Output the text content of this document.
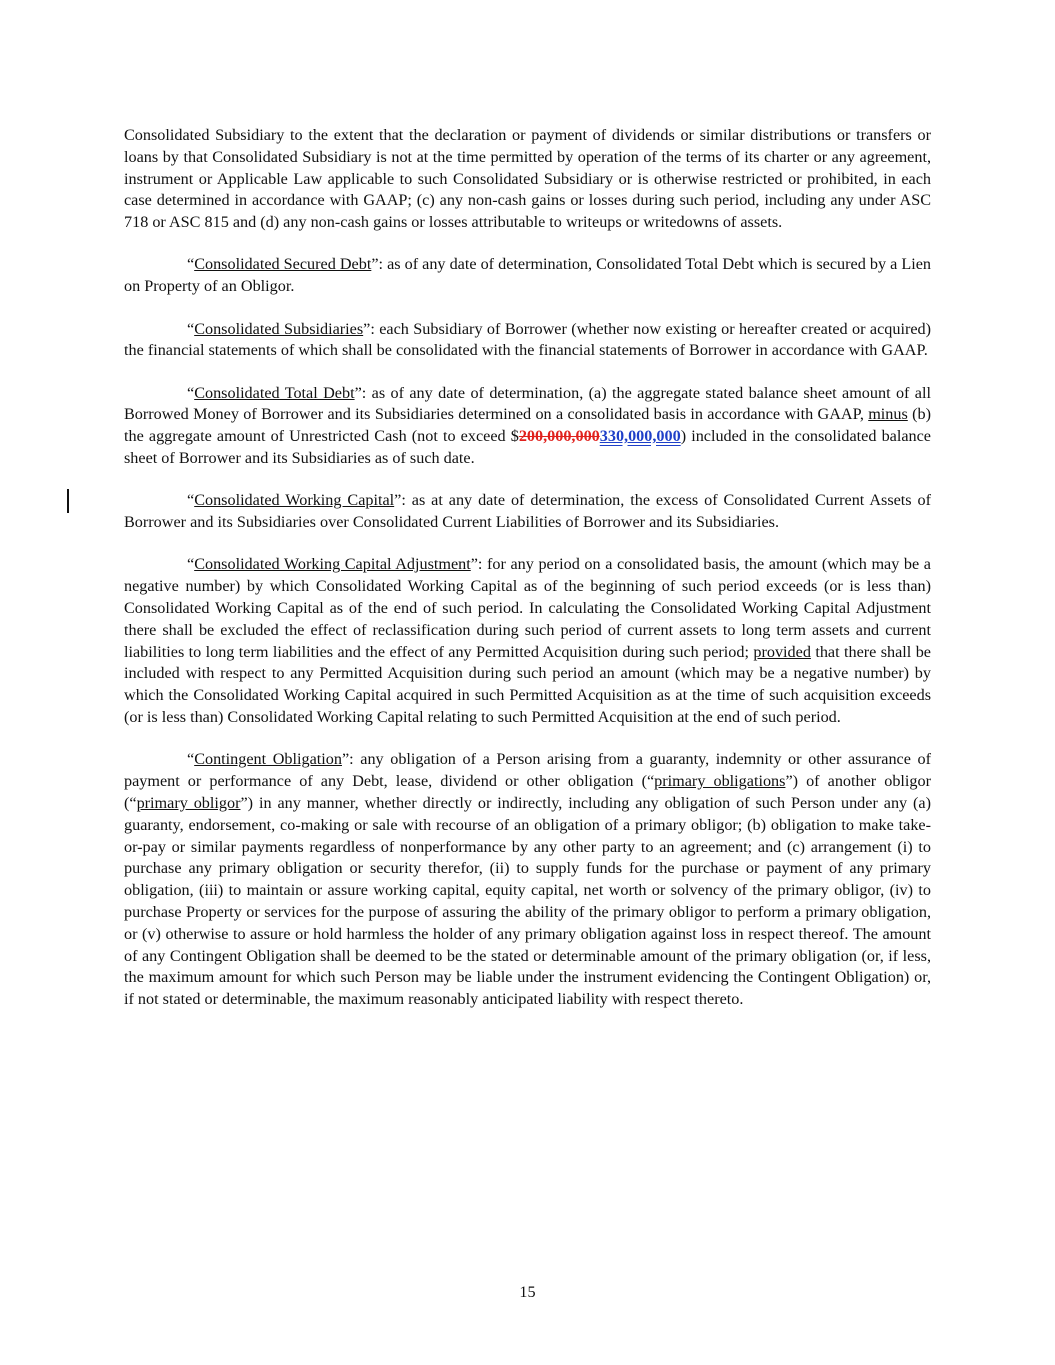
Consolidated Subsidiary to the extent that the declaration or payment of dividends or similar distributions or transfers or loans by that Consolidated Subsidiary is not at the time permitted by operation of the terms of its charter or any agreement, instrument or Applicable Law applicable to such Consolidated Subsidiary or is otherwise restricted or prohibited, in each case determined in accordance with GAAP; (c) any non-cash gains or losses during such period, including any under ASC 718 or ASC 815 and (d) any non-cash gains or losses attributable to writeups or writedowns of assets.

“Consolidated Secured Debt”: as of any date of determination, Consolidated Total Debt which is secured by a Lien on Property of an Obligor.

“Consolidated Subsidiaries”: each Subsidiary of Borrower (whether now existing or hereafter created or acquired) the financial statements of which shall be consolidated with the financial statements of Borrower in accordance with GAAP.

“Consolidated Total Debt”: as of any date of determination, (a) the aggregate stated balance sheet amount of all Borrowed Money of Borrower and its Subsidiaries determined on a consolidated basis in accordance with GAAP, minus (b) the aggregate amount of Unrestricted Cash (not to exceed $200,000,000330,000,000) included in the consolidated balance sheet of Borrower and its Subsidiaries as of such date.

“Consolidated Working Capital”: as at any date of determination, the excess of Consolidated Current Assets of Borrower and its Subsidiaries over Consolidated Current Liabilities of Borrower and its Subsidiaries.

“Consolidated Working Capital Adjustment”: for any period on a consolidated basis, the amount (which may be a negative number) by which Consolidated Working Capital as of the beginning of such period exceeds (or is less than) Consolidated Working Capital as of the end of such period. In calculating the Consolidated Working Capital Adjustment there shall be excluded the effect of reclassification during such period of current assets to long term assets and current liabilities to long term liabilities and the effect of any Permitted Acquisition during such period; provided that there shall be included with respect to any Permitted Acquisition during such period an amount (which may be a negative number) by which the Consolidated Working Capital acquired in such Permitted Acquisition as at the time of such acquisition exceeds (or is less than) Consolidated Working Capital relating to such Permitted Acquisition at the end of such period.

“Contingent Obligation”: any obligation of a Person arising from a guaranty, indemnity or other assurance of payment or performance of any Debt, lease, dividend or other obligation (“primary obligations”) of another obligor (“primary obligor”) in any manner, whether directly or indirectly, including any obligation of such Person under any (a) guaranty, endorsement, co-making or sale with recourse of an obligation of a primary obligor; (b) obligation to make take-or-pay or similar payments regardless of nonperformance by any other party to an agreement; and (c) arrangement (i) to purchase any primary obligation or security therefor, (ii) to supply funds for the purchase or payment of any primary obligation, (iii) to maintain or assure working capital, equity capital, net worth or solvency of the primary obligor, (iv) to purchase Property or services for the purpose of assuring the ability of the primary obligor to perform a primary obligation, or (v) otherwise to assure or hold harmless the holder of any primary obligation against loss in respect thereof. The amount of any Contingent Obligation shall be deemed to be the stated or determinable amount of the primary obligation (or, if less, the maximum amount for which such Person may be liable under the instrument evidencing the Contingent Obligation) or, if not stated or determinable, the maximum reasonably anticipated liability with respect thereto.

15
